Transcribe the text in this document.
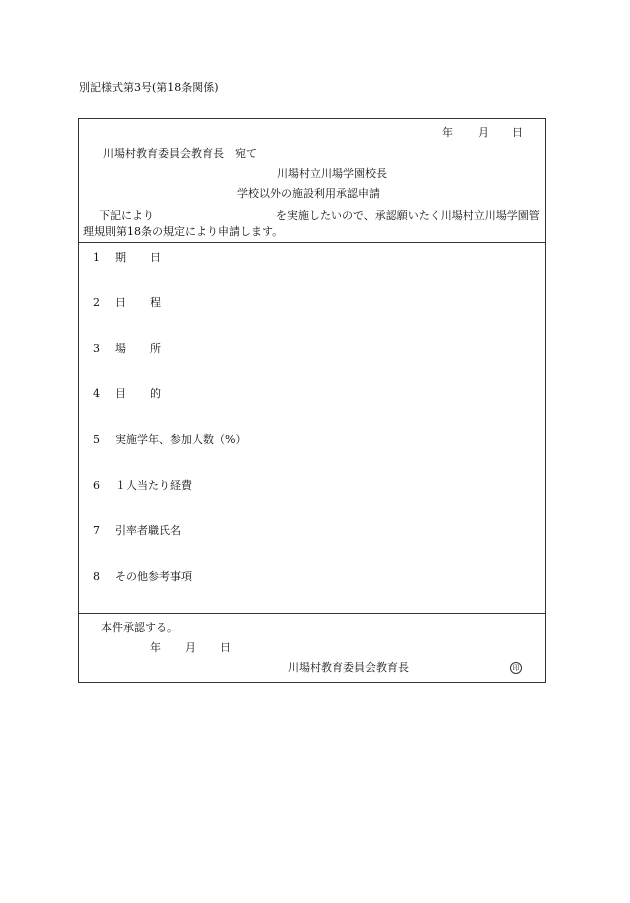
別記様式第3号(第18条関係)
年 月 日
川場村教育委員会教育長　宛て
川場村立川場学園校長
学校以外の施設利用承認申請
下記により	を実施したいので、承認願いたく川場村立川場学園管理規則第18条の規定により申請します。
1 期 日
2 日 程
3 場 所
4 目 的
5 実施学年、参加人数（%）
6 １人当たり経費
7 引率者職氏名
8 その他参考事項
本件承認する。
年 月 日
川場村教育委員会教育長	印
